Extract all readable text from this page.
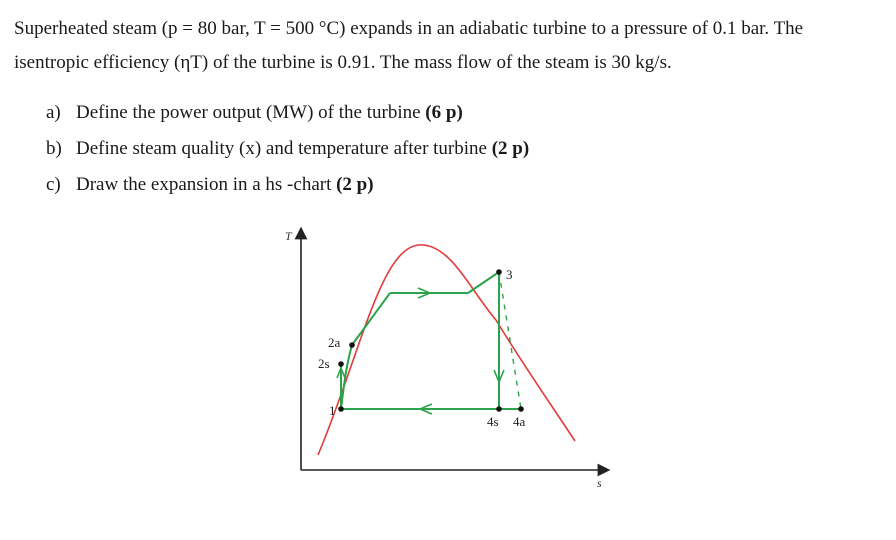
Superheated steam (p = 80 bar, T = 500 °C) expands in an adiabatic turbine to a pressure of 0.1 bar. The
isentropic efficiency (ηT) of the turbine is 0.91. The mass flow of the steam is 30 kg/s.
a) Define the power output (MW) of the turbine (6 p)
b) Define steam quality (x) and temperature after turbine (2 p)
c) Draw the expansion in a hs -chart (2 p)
T
s
1
2s
2a
3
4s 4a
